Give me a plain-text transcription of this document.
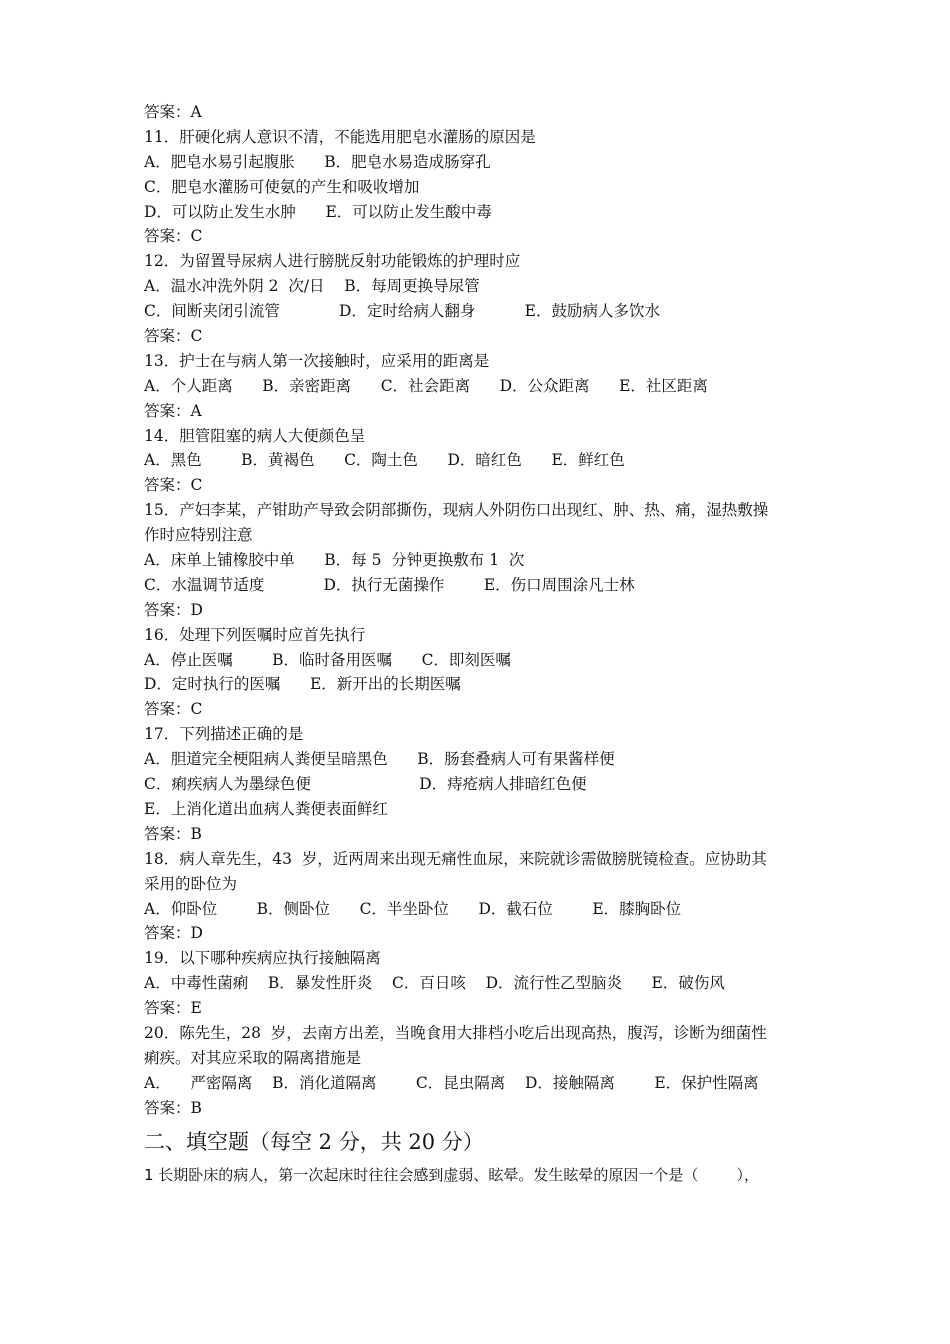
答案：A
11．肝硬化病人意识不清，不能选用肥皂水灌肠的原因是
A．肥皂水易引起腹胀      B．肥皂水易造成肠穿孔
C．肥皂水灌肠可使氨的产生和吸收增加
D．可以防止发生水肿      E．可以防止发生酸中毒
答案：C
12．为留置导尿病人进行膀胱反射功能锻炼的护理时应
A．温水冲洗外阴 2  次/日    B．每周更换导尿管
C．间断夹闭引流管            D．定时给病人翻身          E．鼓励病人多饮水
答案：C
13．护士在与病人第一次接触时，应采用的距离是
A．个人距离      B．亲密距离      C．社会距离      D．公众距离      E．社区距离
答案：A
14．胆管阻塞的病人大便颜色呈
A．黑色        B．黄褐色      C．陶土色      D．暗红色      E．鲜红色
答案：C
15．产妇李某，产钳助产导致会阴部撕伤，现病人外阴伤口出现红、肿、热、痛，湿热敷操
作时应特别注意
A．床单上铺橡胶中单      B．每 5  分钟更换敷布 1  次
C．水温调节适度            D．执行无菌操作        E．伤口周围涂凡士林
答案：D
16．处理下列医嘱时应首先执行
A．停止医嘱        B．临时备用医嘱      C．即刻医嘱
D．定时执行的医嘱      E．新开出的长期医嘱
答案：C
17．下列描述正确的是
A．胆道完全梗阻病人粪便呈暗黑色      B．肠套叠病人可有果酱样便
C．痢疾病人为墨绿色便                      D．痔疮病人排暗红色便
E．上消化道出血病人粪便表面鲜红
答案：B
18．病人章先生，43  岁，近两周来出现无痛性血尿，来院就诊需做膀胱镜检查。应协助其
采用的卧位为
A．仰卧位        B．侧卧位      C．半坐卧位      D．截石位        E．膝胸卧位
答案：D
19．以下哪种疾病应执行接触隔离
A．中毒性菌痢    B．暴发性肝炎    C．百日咳    D．流行性乙型脑炎      E．破伤风
答案：E
20．陈先生，28  岁，去南方出差，当晚食用大排档小吃后出现高热，腹泻，诊断为细菌性
痢疾。对其应采取的隔离措施是
A．    严密隔离    B．消化道隔离        C．昆虫隔离    D．接触隔离        E．保护性隔离
答案：B
二、填空题（每空 2 分，共 20 分）
1 长期卧床的病人，第一次起床时往往会感到虚弱、眩晕。发生眩晕的原因一个是（        ），
